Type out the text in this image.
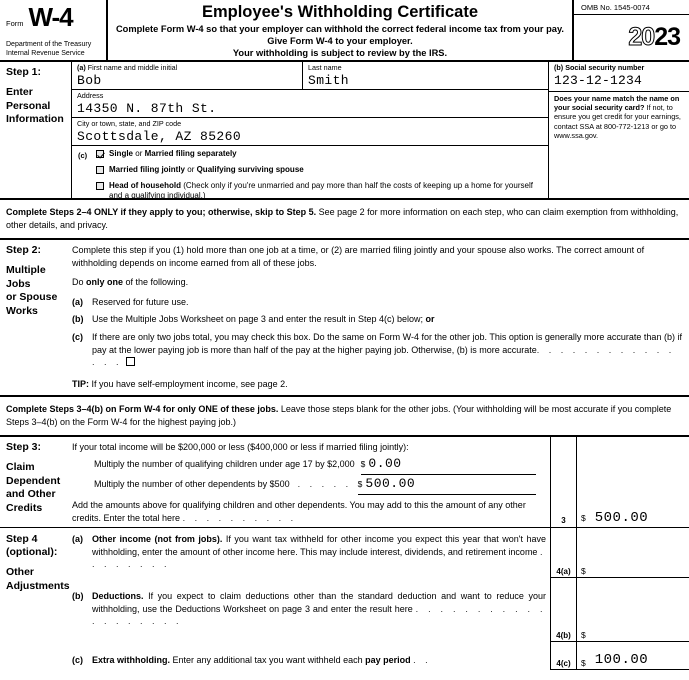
Form W-4
Department of the Treasury
Internal Revenue Service
Employee's Withholding Certificate
Complete Form W-4 so that your employer can withhold the correct federal income tax from your pay.
Give Form W-4 to your employer.
Your withholding is subject to review by the IRS.
OMB No. 1545-0074
20 23
Step 1:
Enter
Personal
Information
(a) First name and middle initial
Bob
Last name
Smith
Address
14350 N. 87th St.
City or town, state, and ZIP code
Scottsdale, AZ 85260
(c)	Single or Married filing separately
Married filing jointly or Qualifying surviving spouse
Head of household (Check only if you're unmarried and pay more than half the costs of keeping up a home for yourself and a qualifying individual.)
(b) Social security number
123-12-1234
Does your name match the name on your social security card? If not, to ensure you get credit for your earnings, contact SSA at 800-772-1213 or go to www.ssa.gov.
Complete Steps 2–4 ONLY if they apply to you; otherwise, skip to Step 5. See page 2 for more information on each step, who can claim exemption from withholding, other details, and privacy.
Step 2:
Multiple Jobs
or Spouse
Works
Complete this step if you (1) hold more than one job at a time, or (2) are married filing jointly and your spouse also works. The correct amount of withholding depends on income earned from all of these jobs.
Do only one of the following.
(a)	Reserved for future use.
(b) Use the Multiple Jobs Worksheet on page 3 and enter the result in Step 4(c) below; or
(c)	If there are only two jobs total, you may check this box. Do the same on Form W-4 for the other job. This option is generally more accurate than (b) if pay at the lower paying job is more than half of the pay at the higher paying job. Otherwise, (b) is more accurate. . . . . . . . . . . . . . .
TIP: If you have self-employment income, see page 2.
Complete Steps 3–4(b) on Form W-4 for only ONE of these jobs. Leave those steps blank for the other jobs. (Your withholding will be most accurate if you complete Steps 3–4(b) on the Form W-4 for the highest paying job.)
Step 3:
Claim
Dependent
and Other
Credits
If your total income will be $200,000 or less ($400,000 or less if married filing jointly):
Multiply the number of qualifying children under age 17 by $2,000 $ 0.00
Multiply the number of other dependents by $500 . . . . . $ 500.00
Add the amounts above for qualifying children and other dependents. You may add to this the amount of any other credits. Enter the total here . . . . . . . . . .	3	$ 500.00
Step 4
(optional):
Other
Adjustments
(a)	Other income (not from jobs). If you want tax withheld for other income you expect this year that won't have withholding, enter the amount of other income here. This may include interest, dividends, and retirement income . . . . . . . .
(b) Deductions. If you expect to claim deductions other than the standard deduction and want to reduce your withholding, use the Deductions Worksheet on page 3 and enter the result here . . . . . . . . . . . . . . . . . . .
(c)	Extra withholding. Enter any additional tax you want withheld each pay period . .
4(a)	$
4(b)	$
4(c)	$ 100.00
